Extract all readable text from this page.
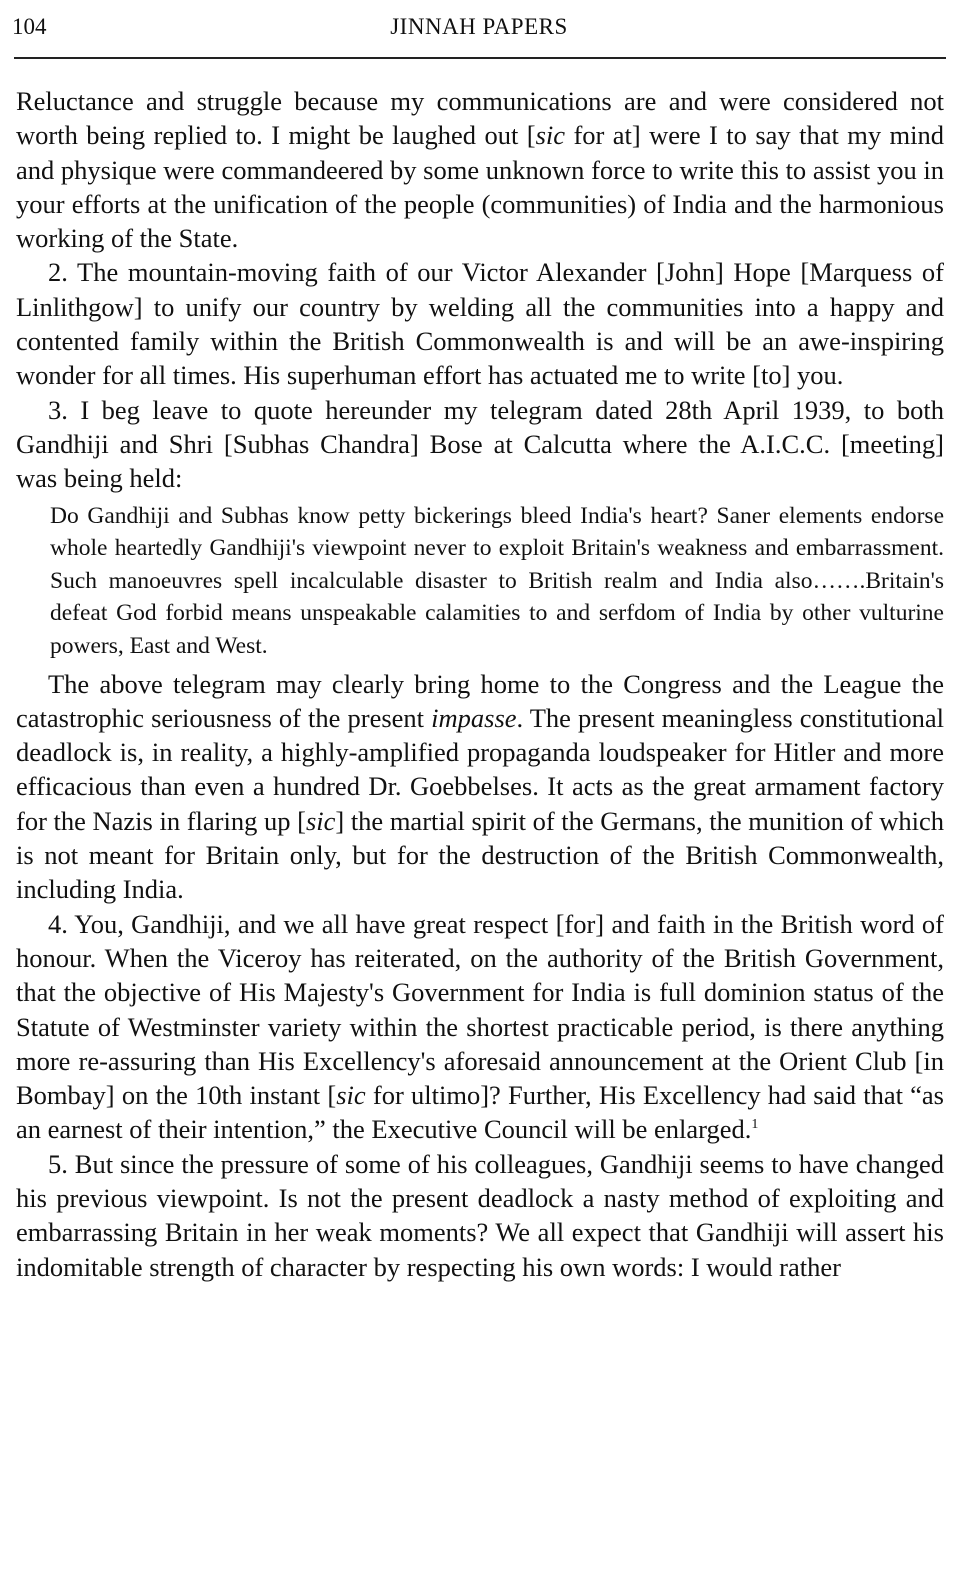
104	JINNAH PAPERS

Reluctance and struggle because my communications are and were considered not worth being replied to. I might be laughed out [sic for at] were I to say that my mind and physique were commandeered by some unknown force to write this to assist you in your efforts at the unification of the people (communities) of India and the harmonious working of the State.

2. The mountain-moving faith of our Victor Alexander [John] Hope [Marquess of Linlithgow] to unify our country by welding all the communities into a happy and contented family within the British Commonwealth is and will be an awe-inspiring wonder for all times. His superhuman effort has actuated me to write [to] you.

3. I beg leave to quote hereunder my telegram dated 28th April 1939, to both Gandhiji and Shri [Subhas Chandra] Bose at Calcutta where the A.I.C.C. [meeting] was being held:

Do Gandhiji and Subhas know petty bickerings bleed India's heart? Saner elements endorse whole heartedly Gandhiji's viewpoint never to exploit Britain's weakness and embarrassment. Such manoeuvres spell incalculable disaster to British realm and India also…….Britain's defeat God forbid means unspeakable calamities to and serfdom of India by other vulturine powers, East and West.

The above telegram may clearly bring home to the Congress and the League the catastrophic seriousness of the present impasse. The present meaningless constitutional deadlock is, in reality, a highly-amplified propaganda loudspeaker for Hitler and more efficacious than even a hundred Dr. Goebbelses. It acts as the great armament factory for the Nazis in flaring up [sic] the martial spirit of the Germans, the munition of which is not meant for Britain only, but for the destruction of the British Commonwealth, including India.

4. You, Gandhiji, and we all have great respect [for] and faith in the British word of honour. When the Viceroy has reiterated, on the authority of the British Government, that the objective of His Majesty's Government for India is full dominion status of the Statute of Westminster variety within the shortest practicable period, is there anything more re-assuring than His Excellency's aforesaid announcement at the Orient Club [in Bombay] on the 10th instant [sic for ultimo]? Further, His Excellency had said that “as an earnest of their intention,” the Executive Council will be enlarged.$^1$

5. But since the pressure of some of his colleagues, Gandhiji seems to have changed his previous viewpoint. Is not the present deadlock a nasty method of exploiting and embarrassing Britain in her weak moments? We all expect that Gandhiji will assert his indomitable strength of character by respecting his own words: I would rather
